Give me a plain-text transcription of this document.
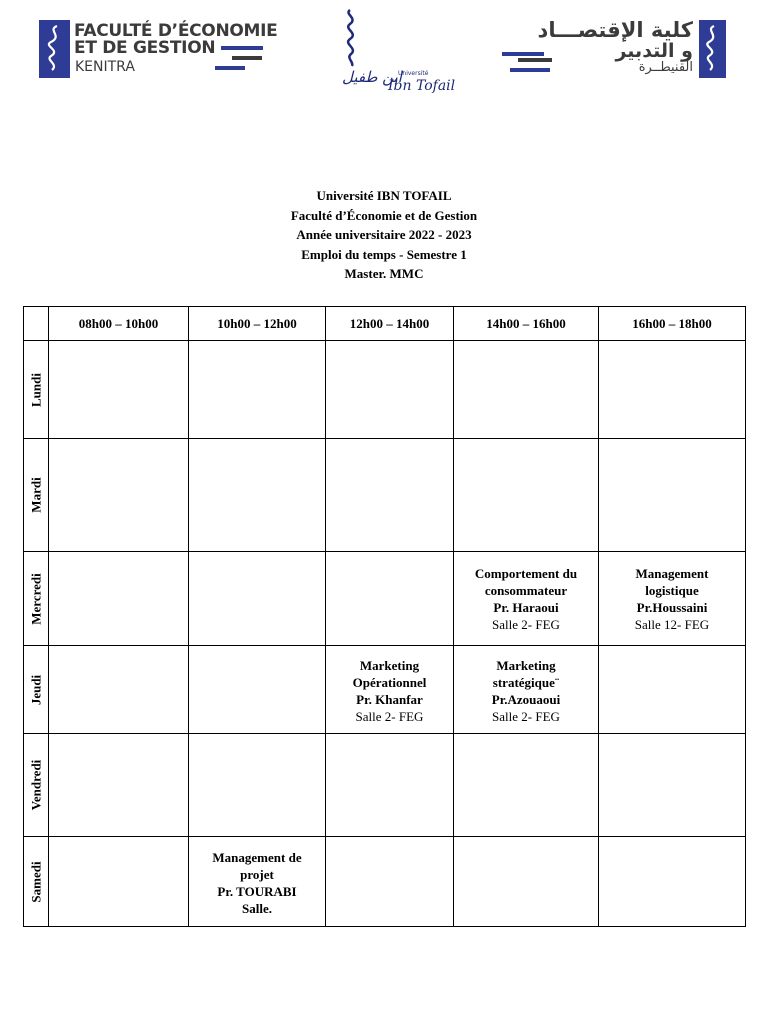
FACULTÉ D’ÉCONOMIE
ET DE GESTION
KENITRA
ابن طفيل
Université
Ibn Tofail
كلية الإقتصـــاد
و التدبير
القنيطــرة
Université IBN TOFAIL
Faculté d’Économie et de Gestion
Année universitaire 2022 - 2023
Emploi du temps - Semestre 1
Master. MMC
	08h00 – 10h00	10h00 – 12h00	12h00 – 14h00	14h00 – 16h00	16h00 – 18h00

Lundi					

Mardi					

Mercredi				Comportement du consommateur
Pr. Haraoui
Salle 2- FEG	Management logistique
Pr.Houssaini
Salle 12- FEG

Jeudi			Marketing Opérationnel
Pr. Khanfar
Salle 2- FEG	Marketing stratégique¨
Pr.Azouaoui
Salle 2- FEG	

Vendredi					

Samedi		Management de projet
Pr. TOURABI
Salle.			
